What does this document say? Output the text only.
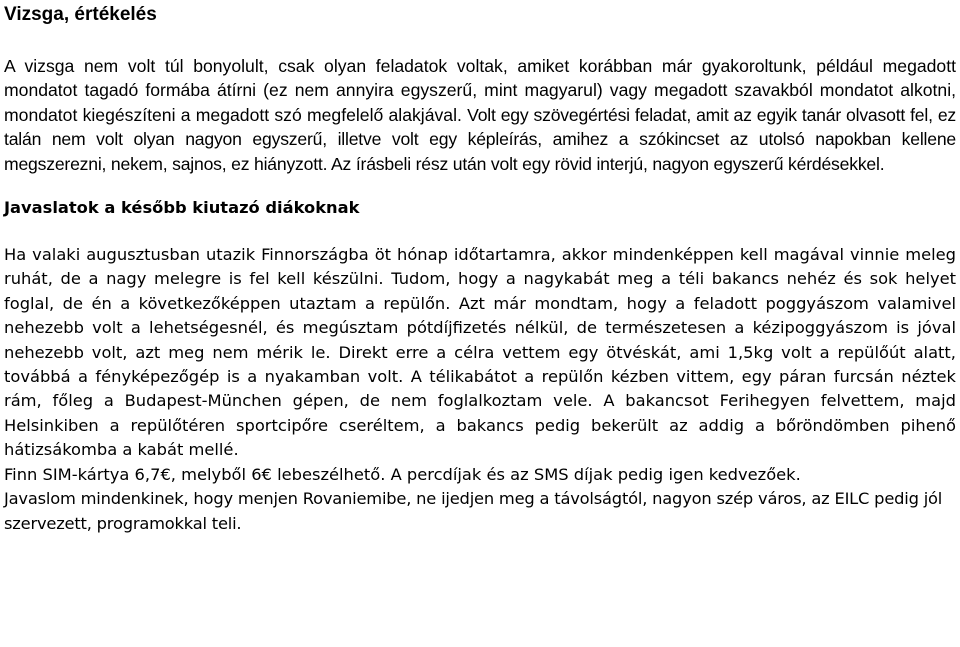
Vizsga, értékelés

A vizsga nem volt túl bonyolult, csak olyan feladatok voltak, amiket korábban már gyakoroltunk, például megadott mondatot tagadó formába átírni (ez nem annyira egyszerű, mint magyarul) vagy megadott szavakból mondatot alkotni, mondatot kiegészíteni a megadott szó megfelelő alakjával. Volt egy szövegértési feladat, amit az egyik tanár olvasott fel, ez talán nem volt olyan nagyon egyszerű, illetve volt egy képleírás, amihez a szókincset az utolsó napokban kellene megszerezni, nekem, sajnos, ez hiányzott. Az írásbeli rész után volt egy rövid interjú, nagyon egyszerű kérdésekkel.

Javaslatok a később kiutazó diákoknak

Ha valaki augusztusban utazik Finnországba öt hónap időtartamra, akkor mindenképpen kell magával vinnie meleg ruhát, de a nagy melegre is fel kell készülni. Tudom, hogy a nagykabát meg a téli bakancs nehéz és sok helyet foglal, de én a következőképpen utaztam a repülőn. Azt már mondtam, hogy a feladott poggyászom valamivel nehezebb volt a lehetségesnél, és megúsztam pótdíjfizetés nélkül, de természetesen a kézipoggyászom is jóval nehezebb volt, azt meg nem mérik le. Direkt erre a célra vettem egy ötvéskát, ami 1,5kg volt a repülőút alatt, továbbá a fényképezőgép is a nyakamban volt. A télikabátot a repülőn kézben vittem, egy páran furcsán néztek rám, főleg a Budapest-München gépen, de nem foglalkoztam vele. A bakancsot Ferihegyen felvettem, majd Helsinkiben a repülőtéren sportcipőre cseréltem, a bakancs pedig bekerült az addig a bőröndömben pihenő hátizsákomba a kabát mellé.

Finn SIM-kártya 6,7€, melyből 6€ lebeszélhető. A percdíjak és az SMS díjak pedig igen kedvezőek.

Javaslom mindenkinek, hogy menjen Rovaniemibe, ne ijedjen meg a távolságtól, nagyon szép város, az EILC pedig jól szervezett, programokkal teli.
